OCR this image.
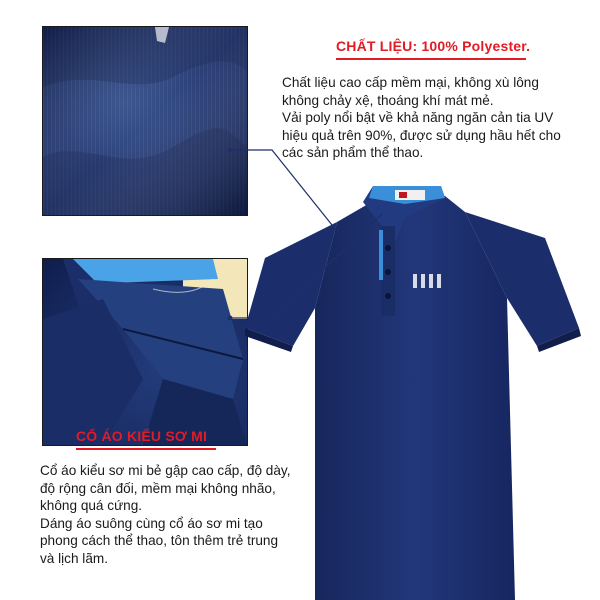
CHẤT LIỆU: 100% Polyester.
Chất liệu cao cấp mềm mại, không xù lông
không chảy xệ, thoáng khí mát mẻ.
Vải poly nổi bật về khả năng ngăn cản tia UV
hiệu quả trên 90%, được sử dụng hầu hết cho
các sản phẩm thể thao.
CỔ ÁO KIỂU SƠ MI
Cổ áo kiểu sơ mi bẻ gập cao cấp, độ dày,
độ rộng cân đối, mềm mại không nhão,
không quá cứng.
Dáng áo suông cùng cổ áo sơ mi tạo
phong cách thể thao, tôn thêm trẻ trung
và lịch lãm.
